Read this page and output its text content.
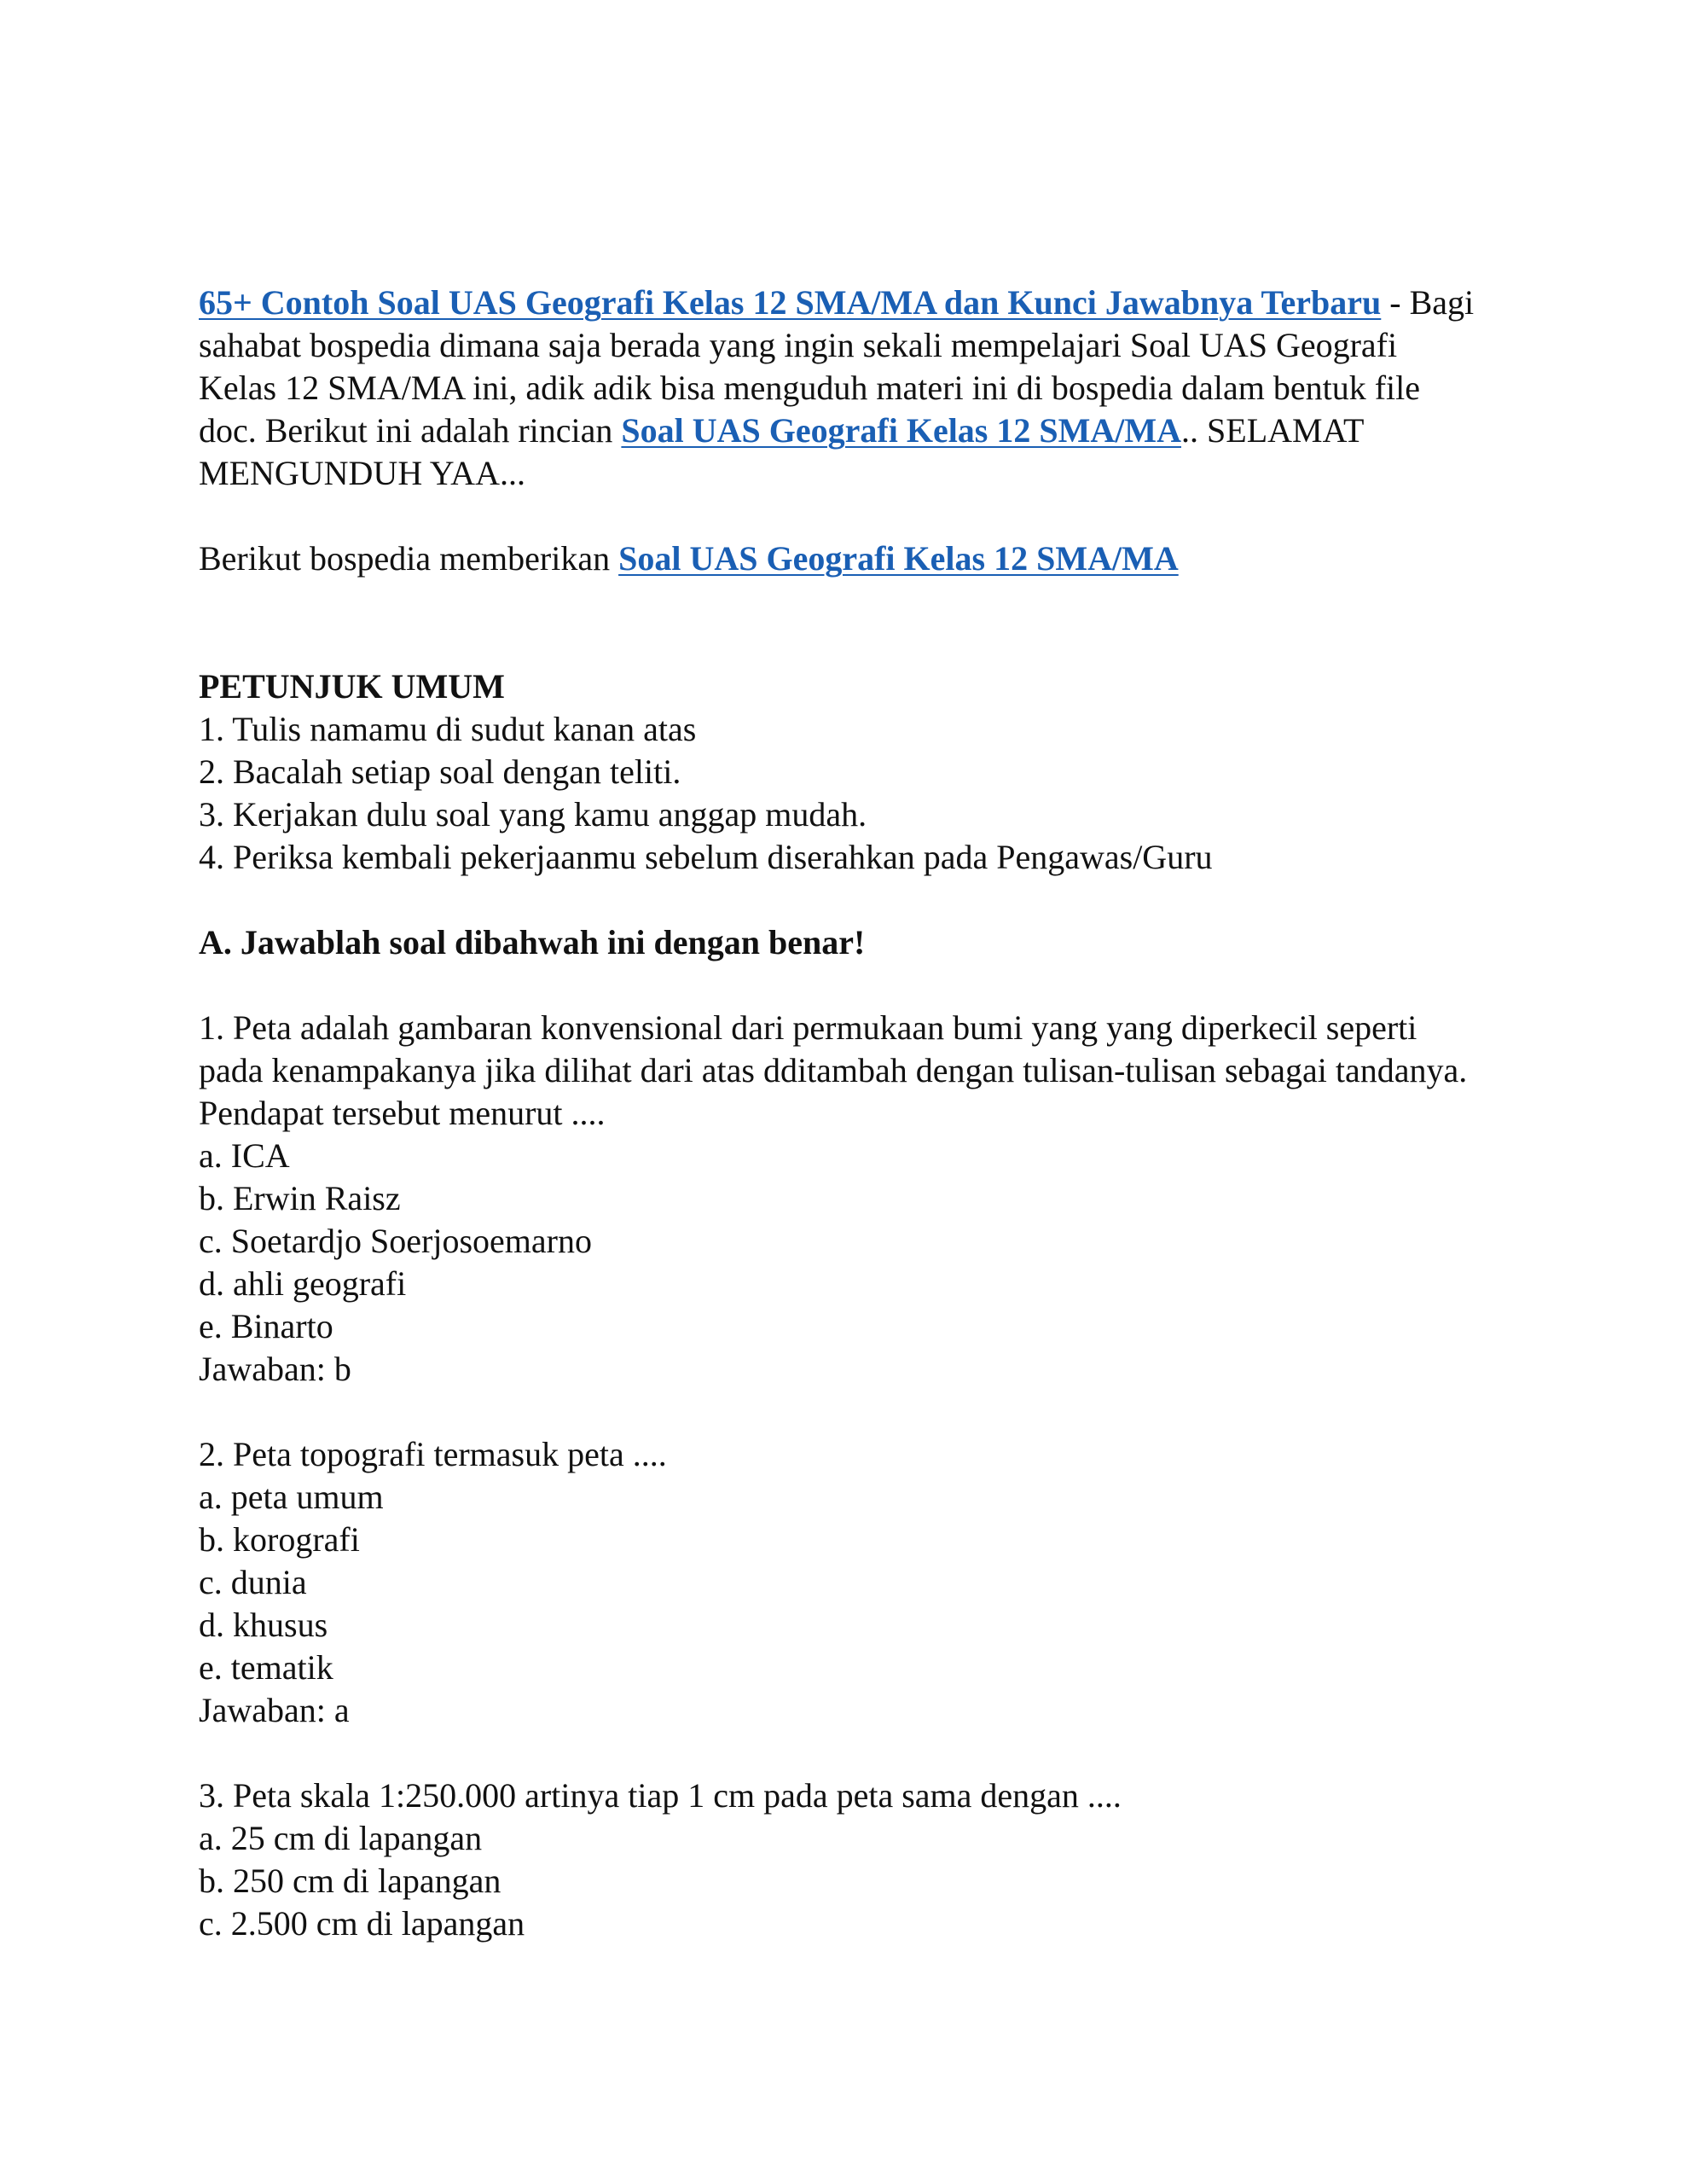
65+ Contoh Soal UAS Geografi Kelas 12 SMA/MA dan Kunci Jawabnya Terbaru - Bagi sahabat bospedia dimana saja berada yang ingin sekali mempelajari Soal UAS Geografi Kelas 12 SMA/MA ini, adik adik bisa menguduh materi ini di bospedia dalam bentuk file doc. Berikut ini adalah rincian Soal UAS Geografi Kelas 12 SMA/MA.. SELAMAT MENGUNDUH YAA...

Berikut bospedia memberikan Soal UAS Geografi Kelas 12 SMA/MA

PETUNJUK UMUM

1. Tulis namamu di sudut kanan atas

2. Bacalah setiap soal dengan teliti.

3. Kerjakan dulu soal yang kamu anggap mudah.

4. Periksa kembali pekerjaanmu sebelum diserahkan pada Pengawas/Guru

A. Jawablah soal dibahwah ini dengan benar!

1. Peta adalah gambaran konvensional dari permukaan bumi yang yang diperkecil seperti pada kenampakanya jika dilihat dari atas dditambah dengan tulisan-tulisan sebagai tandanya. Pendapat tersebut menurut ....

a. ICA

b. Erwin Raisz

c. Soetardjo Soerjosoemarno

d. ahli geografi

e. Binarto

Jawaban: b

2. Peta topografi termasuk peta ....

a. peta umum

b. korografi

c. dunia

d. khusus

e. tematik

Jawaban: a

3. Peta skala 1:250.000 artinya tiap 1 cm pada peta sama dengan ....

a. 25 cm di lapangan

b. 250 cm di lapangan

c. 2.500 cm di lapangan
